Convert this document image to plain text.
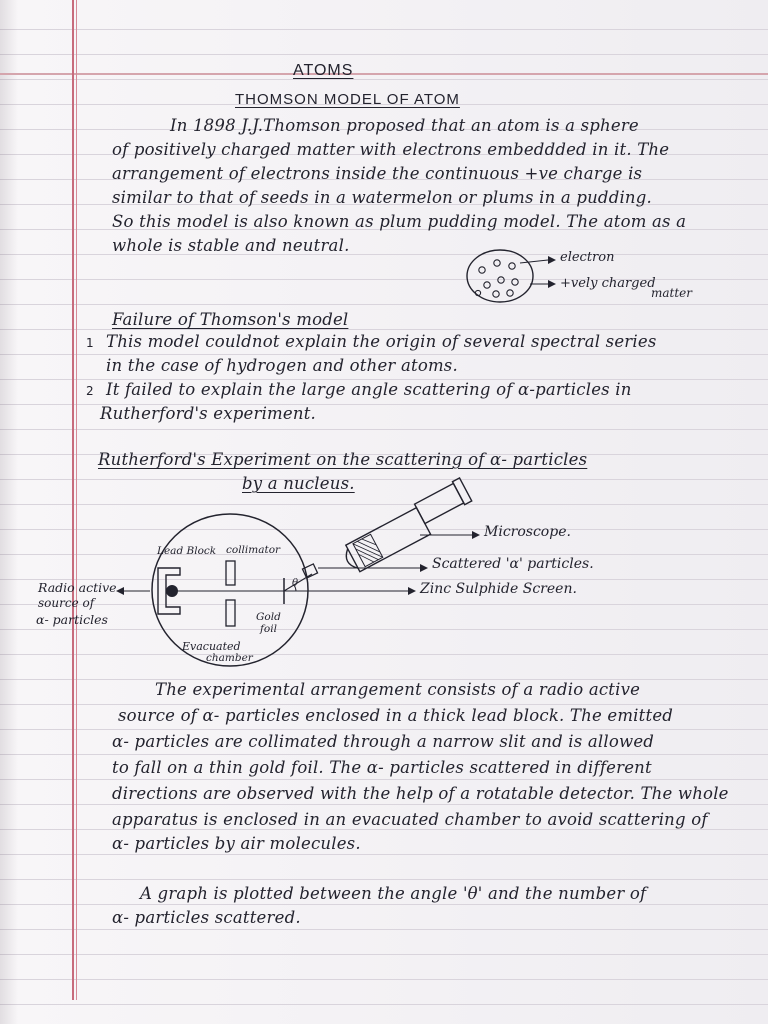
ATOMS
THOMSON MODEL OF ATOM
In 1898 J.J.Thomson proposed that an atom is a sphere
of positively charged matter with electrons embeddded in it. The
arrangement of electrons inside the continuous +ve charge is
similar to that of seeds in a watermelon or plums in a pudding.
So this model is also known as plum pudding model. The atom as a
whole is stable and neutral.
electron
+vely charged
matter
Failure of Thomson's model
1 This model couldnot explain the origin of several spectral series
in the case of hydrogen and other atoms.
2 It failed to explain the large angle scattering of α-particles in
Rutherford's experiment.
Rutherford's Experiment on the scattering of α- particles
by a nucleus.
Microscope.
Scattered 'α' particles.
Zinc Sulphide Screen.
Radio active
source of
α- particles
Lead Block collimator
Gold
foil
Evacuated
chamber
θ
The experimental arrangement consists of a radio active
source of α- particles enclosed in a thick lead block. The emitted
α- particles are collimated through a narrow slit and is allowed
to fall on a thin gold foil. The α- particles scattered in different
directions are observed with the help of a rotatable detector. The whole
apparatus is enclosed in an evacuated chamber to avoid scattering of
α- particles by air molecules.
A graph is plotted between the angle 'θ' and the number of
α- particles scattered.
